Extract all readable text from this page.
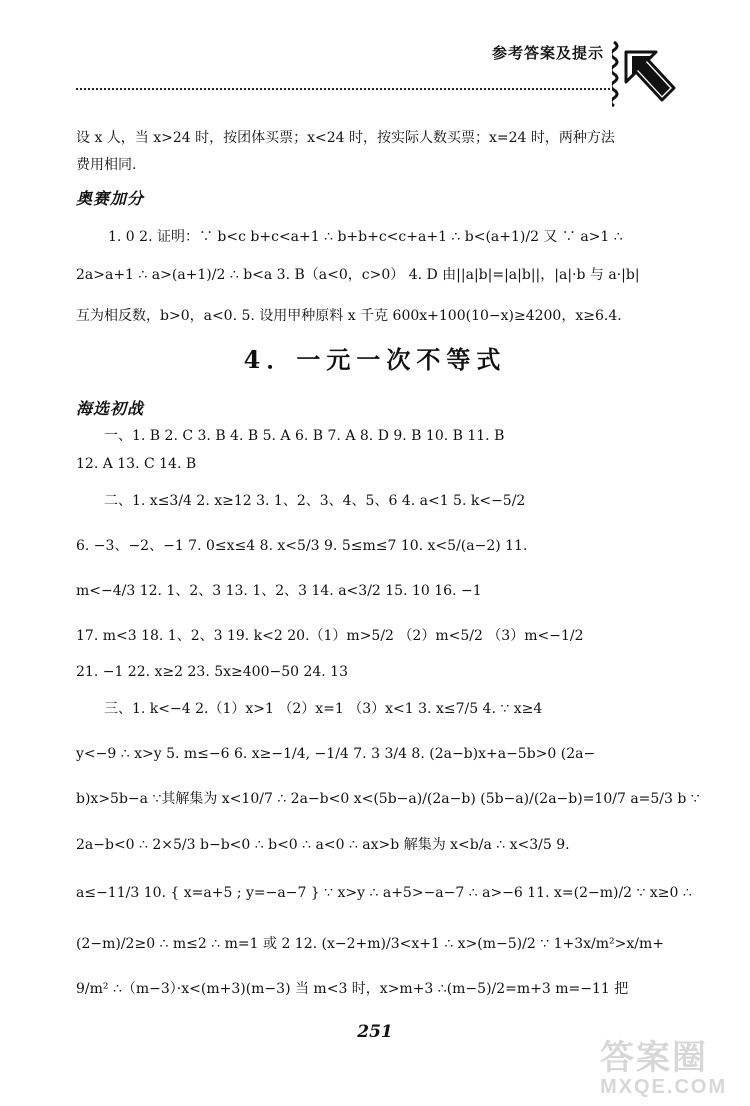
参考答案及提示
设 x 人，当 x>24 时，按团体买票；x<24 时，按实际人数买票；x=24 时，两种方法
费用相同.
奥赛加分
1. 0 2. 证明：∵ b<c b+c<a+1 ∴ b+b+c<c+a+1 ∴ b<(a+1)/2 又 ∵ a>1 ∴
2a>a+1 ∴ a>(a+1)/2 ∴ b<a 3. B（a<0，c>0） 4. D 由||a|b|=|a|b||，|a|·b 与 a·|b|
互为相反数，b>0，a<0. 5. 设用甲种原料 x 千克 600x+100(10−x)≥4200，x≥6.4.
4．一元一次不等式
海选初战
一、1. B 2. C 3. B 4. B 5. A 6. B 7. A 8. D 9. B 10. B 11. B
12. A 13. C 14. B
二、1. x≤3/4 2. x≥12 3. 1、2、3、4、5、6 4. a<1 5. k<−5/2
6. −3、−2、−1 7. 0≤x≤4 8. x<5/3 9. 5≤m≤7 10. x<5/(a−2) 11.
m<−4/3 12. 1、2、3 13. 1、2、3 14. a<3/2 15. 10 16. −1
17. m<3 18. 1、2、3 19. k<2 20.（1）m>5/2 （2）m<5/2 （3）m<−1/2
21. −1 22. x≥2 23. 5x≥400−50 24. 13
三、1. k<−4 2.（1）x>1 （2）x=1 （3）x<1 3. x≤7/5 4. ∵ x≥4
y<−9 ∴ x>y 5. m≤−6 6. x≥−1/4, −1/4 7. 3 3/4 8. (2a−b)x+a−5b>0 (2a−
b)x>5b−a ∵其解集为 x<10/7 ∴ 2a−b<0 x<(5b−a)/(2a−b) (5b−a)/(2a−b)=10/7 a=5/3 b ∵
2a−b<0 ∴ 2×5/3 b−b<0 ∴ b<0 ∴ a<0 ∴ ax>b 解集为 x<b/a ∴ x<3/5 9.
a≤−11/3 10. { x=a+5 ; y=−a−7 } ∵ x>y ∴ a+5>−a−7 ∴ a>−6 11. x=(2−m)/2 ∵ x≥0 ∴
(2−m)/2≥0 ∴ m≤2 ∴ m=1 或 2 12. (x−2+m)/3<x+1 ∴ x>(m−5)/2 ∵ 1+3x/m²>x/m+
9/m² ∴（m−3）·x<(m+3)(m−3) 当 m<3 时，x>m+3 ∴(m−5)/2=m+3 m=−11 把
251
答案圈
MXQE.COM
